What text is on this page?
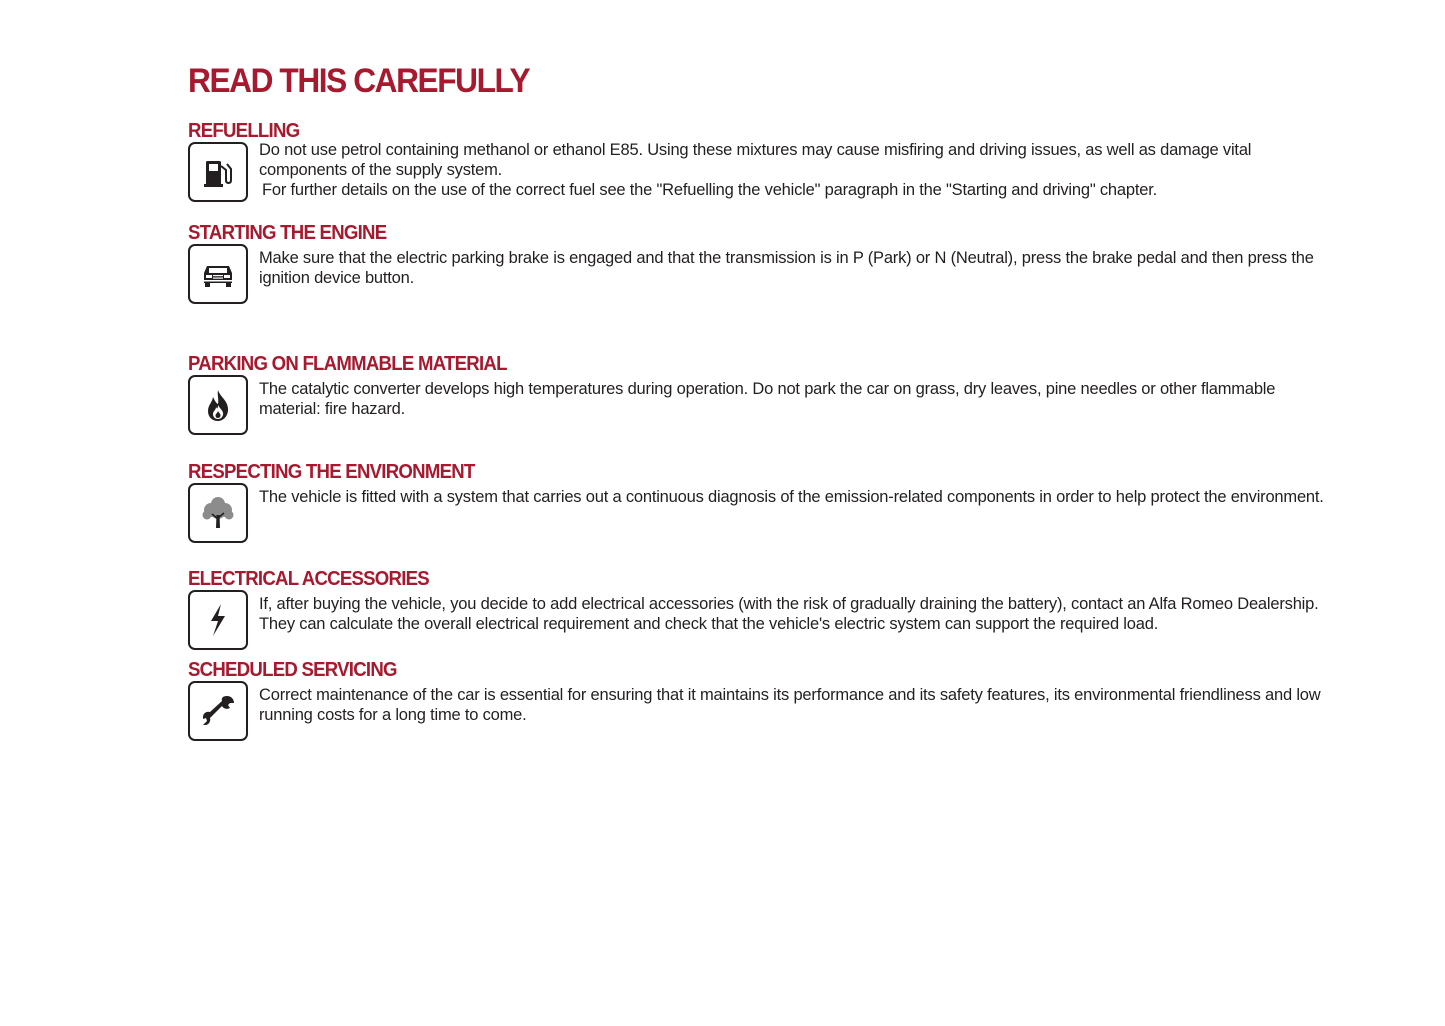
READ THIS CAREFULLY
REFUELLING

Do not use petrol containing methanol or ethanol E85. Using these mixtures may cause misfiring and driving issues, as well as damage vital components of the supply system.

For further details on the use of the correct fuel see the "Refuelling the vehicle" paragraph in the "Starting and driving" chapter.

STARTING THE ENGINE

Make sure that the electric parking brake is engaged and that the transmission is in P (Park) or N (Neutral), press the brake pedal and then press the ignition device button.

PARKING ON FLAMMABLE MATERIAL

The catalytic converter develops high temperatures during operation. Do not park the car on grass, dry leaves, pine needles or other flammable material: fire hazard.

RESPECTING THE ENVIRONMENT

The vehicle is fitted with a system that carries out a continuous diagnosis of the emission-related components in order to help protect the environment.

ELECTRICAL ACCESSORIES

If, after buying the vehicle, you decide to add electrical accessories (with the risk of gradually draining the battery), contact an Alfa Romeo Dealership. They can calculate the overall electrical requirement and check that the vehicle's electric system can support the required load.

SCHEDULED SERVICING

Correct maintenance of the car is essential for ensuring that it maintains its performance and its safety features, its environmental friendliness and low running costs for a long time to come.
